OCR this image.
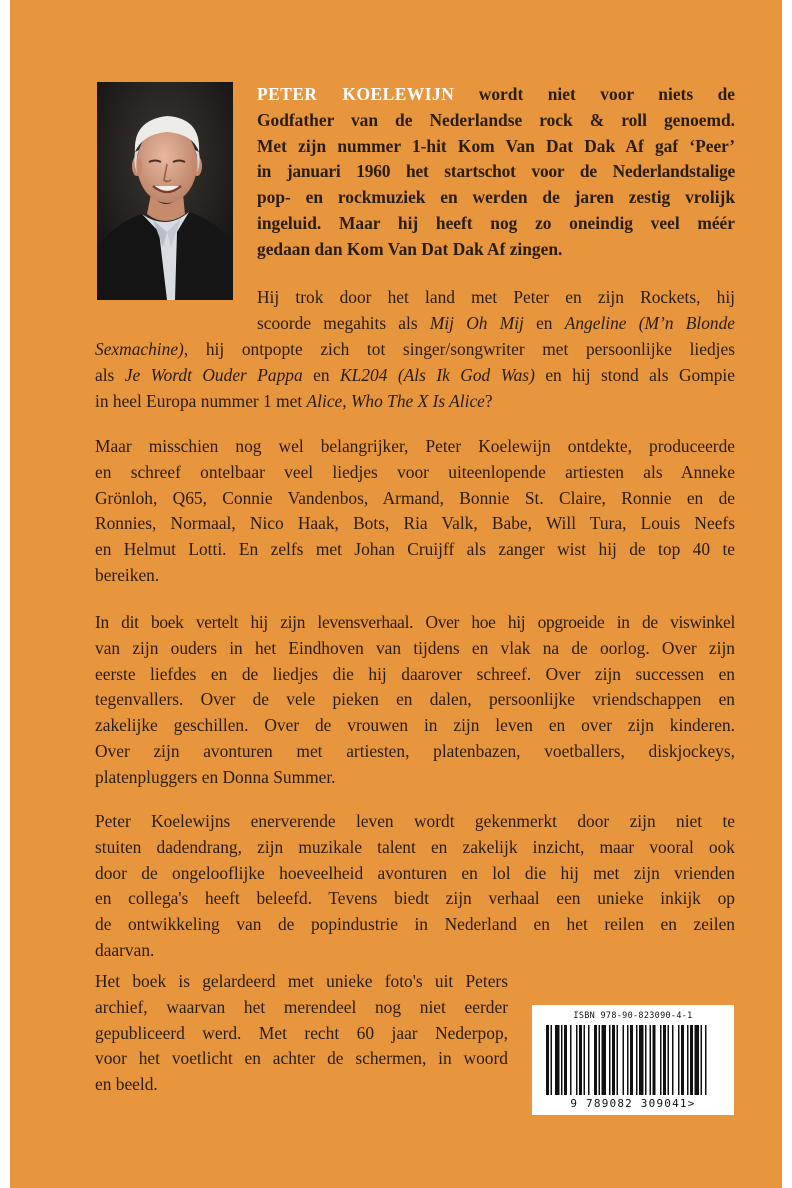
PETER KOELEWIJN wordt niet voor niets de
Godfather van de Nederlandse rock & roll genoemd.
Met zijn nummer 1-hit Kom Van Dat Dak Af gaf ‘Peer’
in januari 1960 het startschot voor de Nederlandstalige
pop- en rockmuziek en werden de jaren zestig vrolijk
ingeluid. Maar hij heeft nog zo oneindig veel méér
gedaan dan Kom Van Dat Dak Af zingen.
Hij trok door het land met Peter en zijn Rockets, hij
scoorde megahits als Mij Oh Mij en Angeline (M’n Blonde
Sexmachine), hij ontpopte zich tot singer/songwriter met persoonlijke liedjes
als Je Wordt Ouder Pappa en KL204 (Als Ik God Was) en hij stond als Gompie
in heel Europa nummer 1 met Alice, Who The X Is Alice?
Maar misschien nog wel belangrijker, Peter Koelewijn ontdekte, produceerde
en schreef ontelbaar veel liedjes voor uiteenlopende artiesten als Anneke
Grönloh, Q65, Connie Vandenbos, Armand, Bonnie St. Claire, Ronnie en de
Ronnies, Normaal, Nico Haak, Bots, Ria Valk, Babe, Will Tura, Louis Neefs
en Helmut Lotti. En zelfs met Johan Cruijff als zanger wist hij de top 40 te
bereiken.
In dit boek vertelt hij zijn levensverhaal. Over hoe hij opgroeide in de viswinkel
van zijn ouders in het Eindhoven van tijdens en vlak na de oorlog. Over zijn
eerste liefdes en de liedjes die hij daarover schreef. Over zijn successen en
tegenvallers. Over de vele pieken en dalen, persoonlijke vriendschappen en
zakelijke geschillen. Over de vrouwen in zijn leven en over zijn kinderen.
Over zijn avonturen met artiesten, platenbazen, voetballers, diskjockeys,
platenpluggers en Donna Summer.
Peter Koelewijns enerverende leven wordt gekenmerkt door zijn niet te
stuiten dadendrang, zijn muzikale talent en zakelijk inzicht, maar vooral ook
door de ongelooflijke hoeveelheid avonturen en lol die hij met zijn vrienden
en collega's heeft beleefd. Tevens biedt zijn verhaal een unieke inkijk op
de ontwikkeling van de popindustrie in Nederland en het reilen en zeilen
daarvan.
Het boek is gelardeerd met unieke foto's uit Peters
archief, waarvan het merendeel nog niet eerder
gepubliceerd werd. Met recht 60 jaar Nederpop,
voor het voetlicht en achter de schermen, in woord
en beeld.
ISBN 978-90-823090-4-1
9 789082 309041>
